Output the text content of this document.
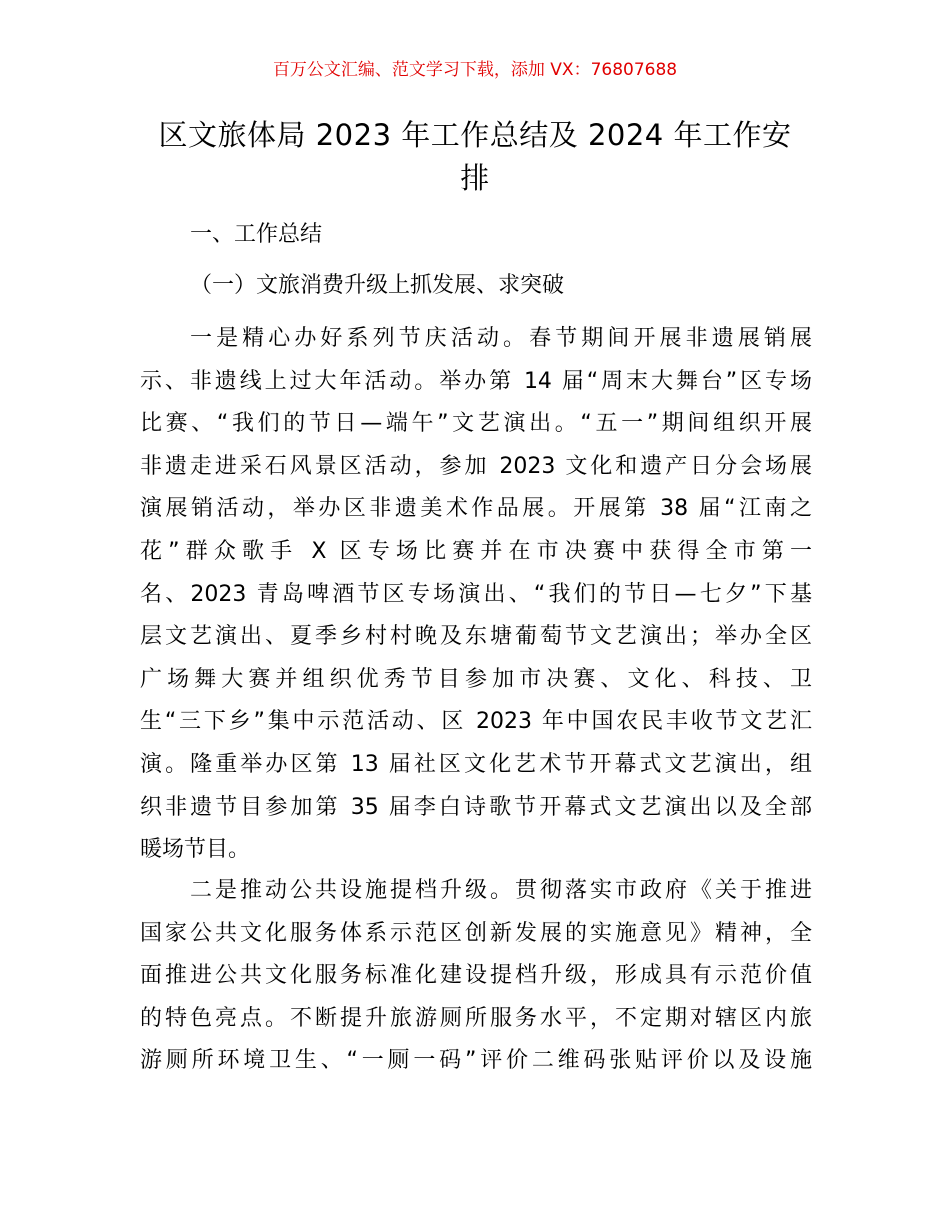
百万公文汇编、范文学习下载，添加 VX：76807688
区文旅体局 2023 年工作总结及 2024 年工作安
排
一、工作总结
（一）文旅消费升级上抓发展、求突破
一是精心办好系列节庆活动。春节期间开展非遗展销展
示、非遗线上过大年活动。举办第 14 届“周末大舞台”区专场
比赛、“我们的节日—端午”文艺演出。“五一”期间组织开展
非遗走进采石风景区活动，参加 2023 文化和遗产日分会场展
演展销活动，举办区非遗美术作品展。开展第 38 届“江南之
花”群众歌手 X 区专场比赛并在市决赛中获得全市第一
名、2023 青岛啤酒节区专场演出、“我们的节日—七夕”下基
层文艺演出、夏季乡村村晚及东塘葡萄节文艺演出；举办全区
广场舞大赛并组织优秀节目参加市决赛、文化、科技、卫
生“三下乡”集中示范活动、区 2023 年中国农民丰收节文艺汇
演。隆重举办区第 13 届社区文化艺术节开幕式文艺演出，组
织非遗节目参加第 35 届李白诗歌节开幕式文艺演出以及全部
暖场节目。
二是推动公共设施提档升级。贯彻落实市政府《关于推进
国家公共文化服务体系示范区创新发展的实施意见》精神，全
面推进公共文化服务标准化建设提档升级，形成具有示范价值
的特色亮点。不断提升旅游厕所服务水平，不定期对辖区内旅
游厕所环境卫生、“一厕一码”评价二维码张贴评价以及设施
